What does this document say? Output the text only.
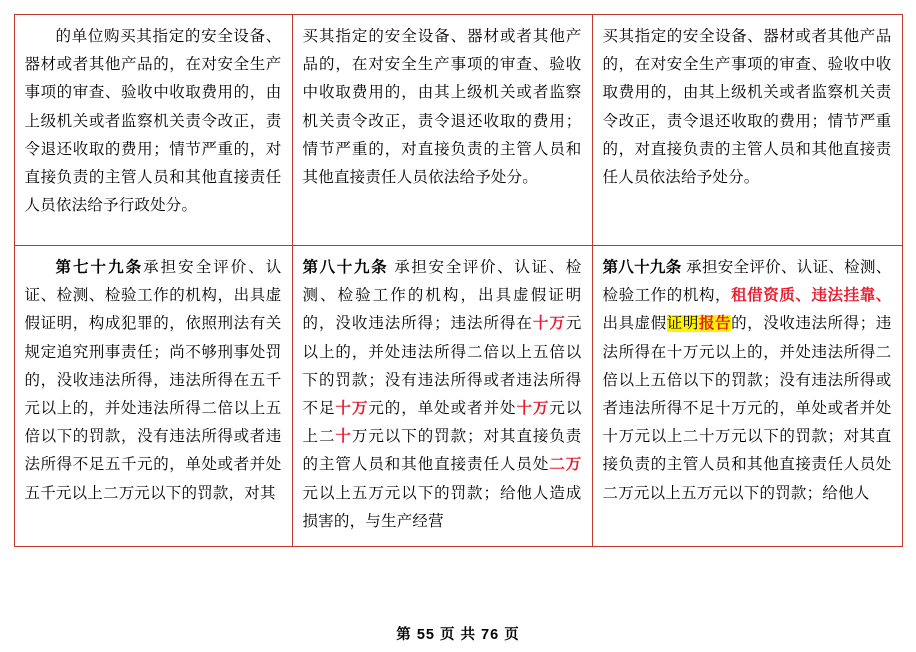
的单位购买其指定的安全设备、器材或者其他产品的，在对安全生产事项的审查、验收中收取费用的，由上级机关或者监察机关责令改正，责令退还收取的费用；情节严重的，对直接负责的主管人员和其他直接责任人员依法给予行政处分。	买其指定的安全设备、器材或者其他产品的，在对安全生产事项的审查、验收中收取费用的，由其上级机关或者监察机关责令改正，责令退还收取的费用；情节严重的，对直接负责的主管人员和其他直接责任人员依法给予处分。	买其指定的安全设备、器材或者其他产品的，在对安全生产事项的审查、验收中收取费用的，由其上级机关或者监察机关责令改正，责令退还收取的费用；情节严重的，对直接负责的主管人员和其他直接责任人员依法给予处分。

第七十九条承担安全评价、认证、检测、检验工作的机构，出具虚假证明，构成犯罪的，依照刑法有关规定追究刑事责任；尚不够刑事处罚的，没收违法所得，违法所得在五千元以上的，并处违法所得二倍以上五倍以下的罚款，没有违法所得或者违法所得不足五千元的，单处或者并处五千元以上二万元以下的罚款，对其	第八十九条 承担安全评价、认证、检测、检验工作的机构，出具虚假证明的，没收违法所得；违法所得在十万元以上的，并处违法所得二倍以上五倍以下的罚款；没有违法所得或者违法所得不足十万元的，单处或者并处十万元以上二十万元以下的罚款；对其直接负责的主管人员和其他直接责任人员处二万元以上五万元以下的罚款；给他人造成损害的，与生产经营	第八十九条 承担安全评价、认证、检测、检验工作的机构，租借资质、违法挂靠、出具虚假证明报告的，没收违法所得；违法所得在十万元以上的，并处违法所得二倍以上五倍以下的罚款；没有违法所得或者违法所得不足十万元的，单处或者并处十万元以上二十万元以下的罚款；对其直接负责的主管人员和其他直接责任人员处二万元以上五万元以下的罚款；给他人

第 55 页 共 76 页
